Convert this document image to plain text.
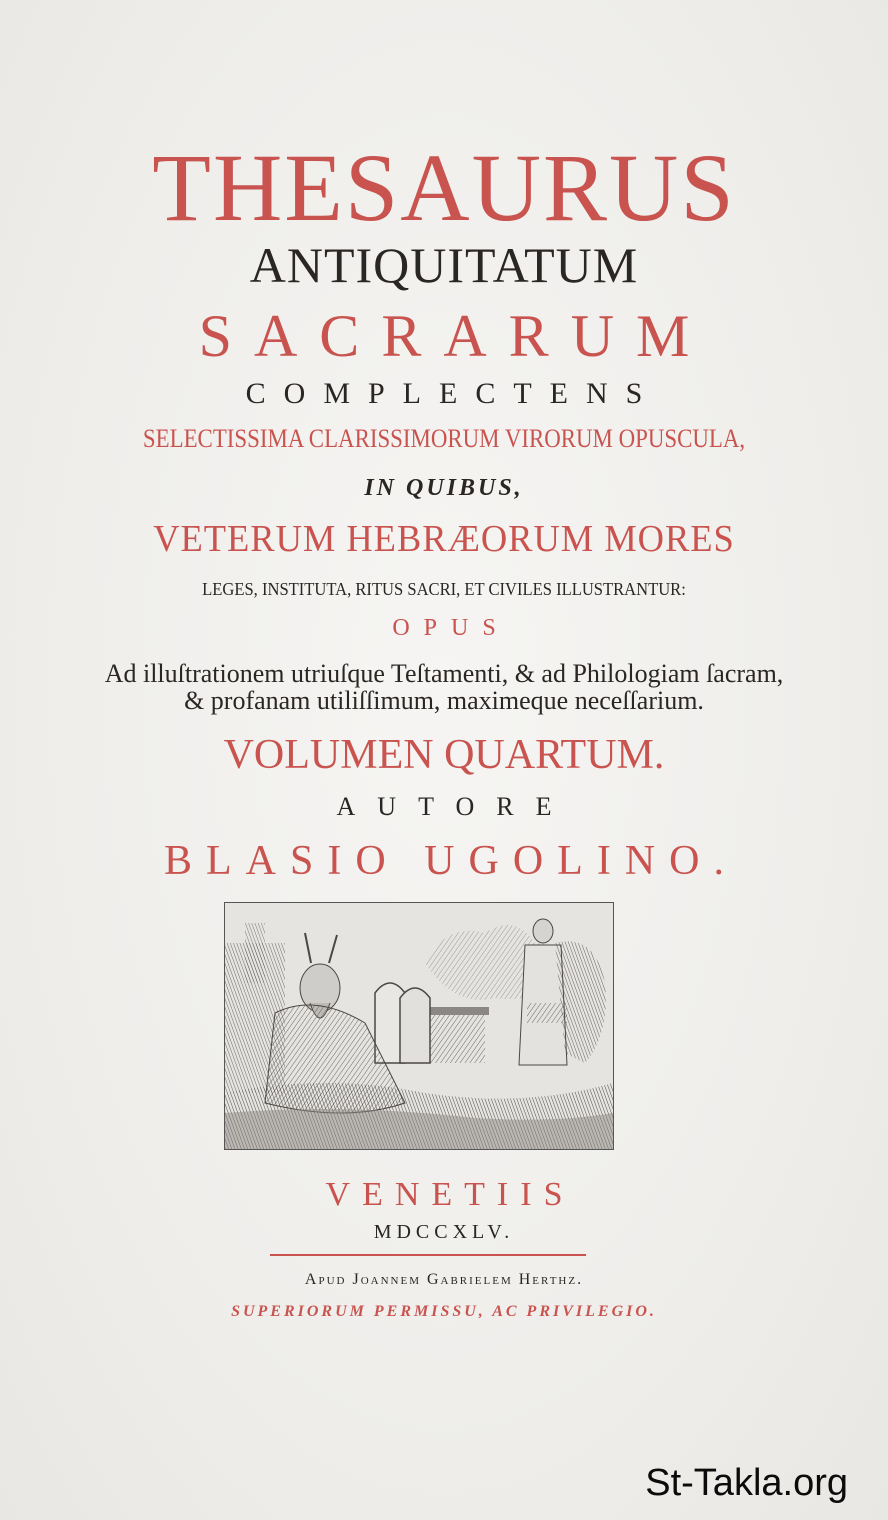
THESAURUS
ANTIQUITATUM
SACRARUM
COMPLECTENS
SELECTISSIMA CLARISSIMORUM VIRORUM OPUSCULA,
IN QUIBUS,
VETERUM HEBRÆORUM MORES
LEGES, INSTITUTA, RITUS SACRI, ET CIVILES ILLUSTRANTUR:
OPUS
Ad illuſtrationem utriuſque Teſtamenti, & ad Philologiam ſacram,
& profanam utiliſſimum, maximeque neceſſarium.
VOLUMEN QUARTUM.
AUTORE
BLASIO UGOLINO.
VENETIIS
MDCCXLV.
Apud Joannem Gabrielem Herthz.
SUPERIORUM PERMISSU, AC PRIVILEGIO.
St-Takla.org
